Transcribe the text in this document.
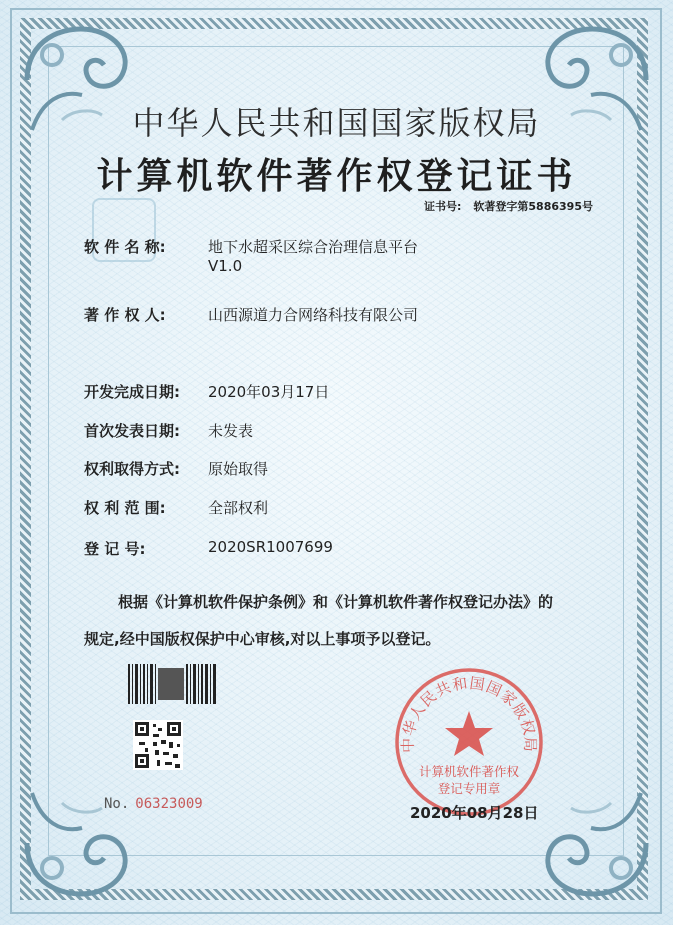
中华人民共和国国家版权局
计算机软件著作权登记证书
证书号: 软著登字第5886395号
软 件 名 称:	地下水超采区综合治理信息平台
V1.0
著 作 权 人:	山西源道力合网络科技有限公司
开发完成日期: 2020年03月17日
首次发表日期: 未发表
权利取得方式: 原始取得
权 利 范 围:	全部权利
登 记 号:	2020SR1007699
根据《计算机软件保护条例》和《计算机软件著作权登记办法》的
规定,经中国版权保护中心审核,对以上事项予以登记。
No. 06323009
中华人民共和国国家版权局
计算机软件著作权
登记专用章
2020年08月28日
